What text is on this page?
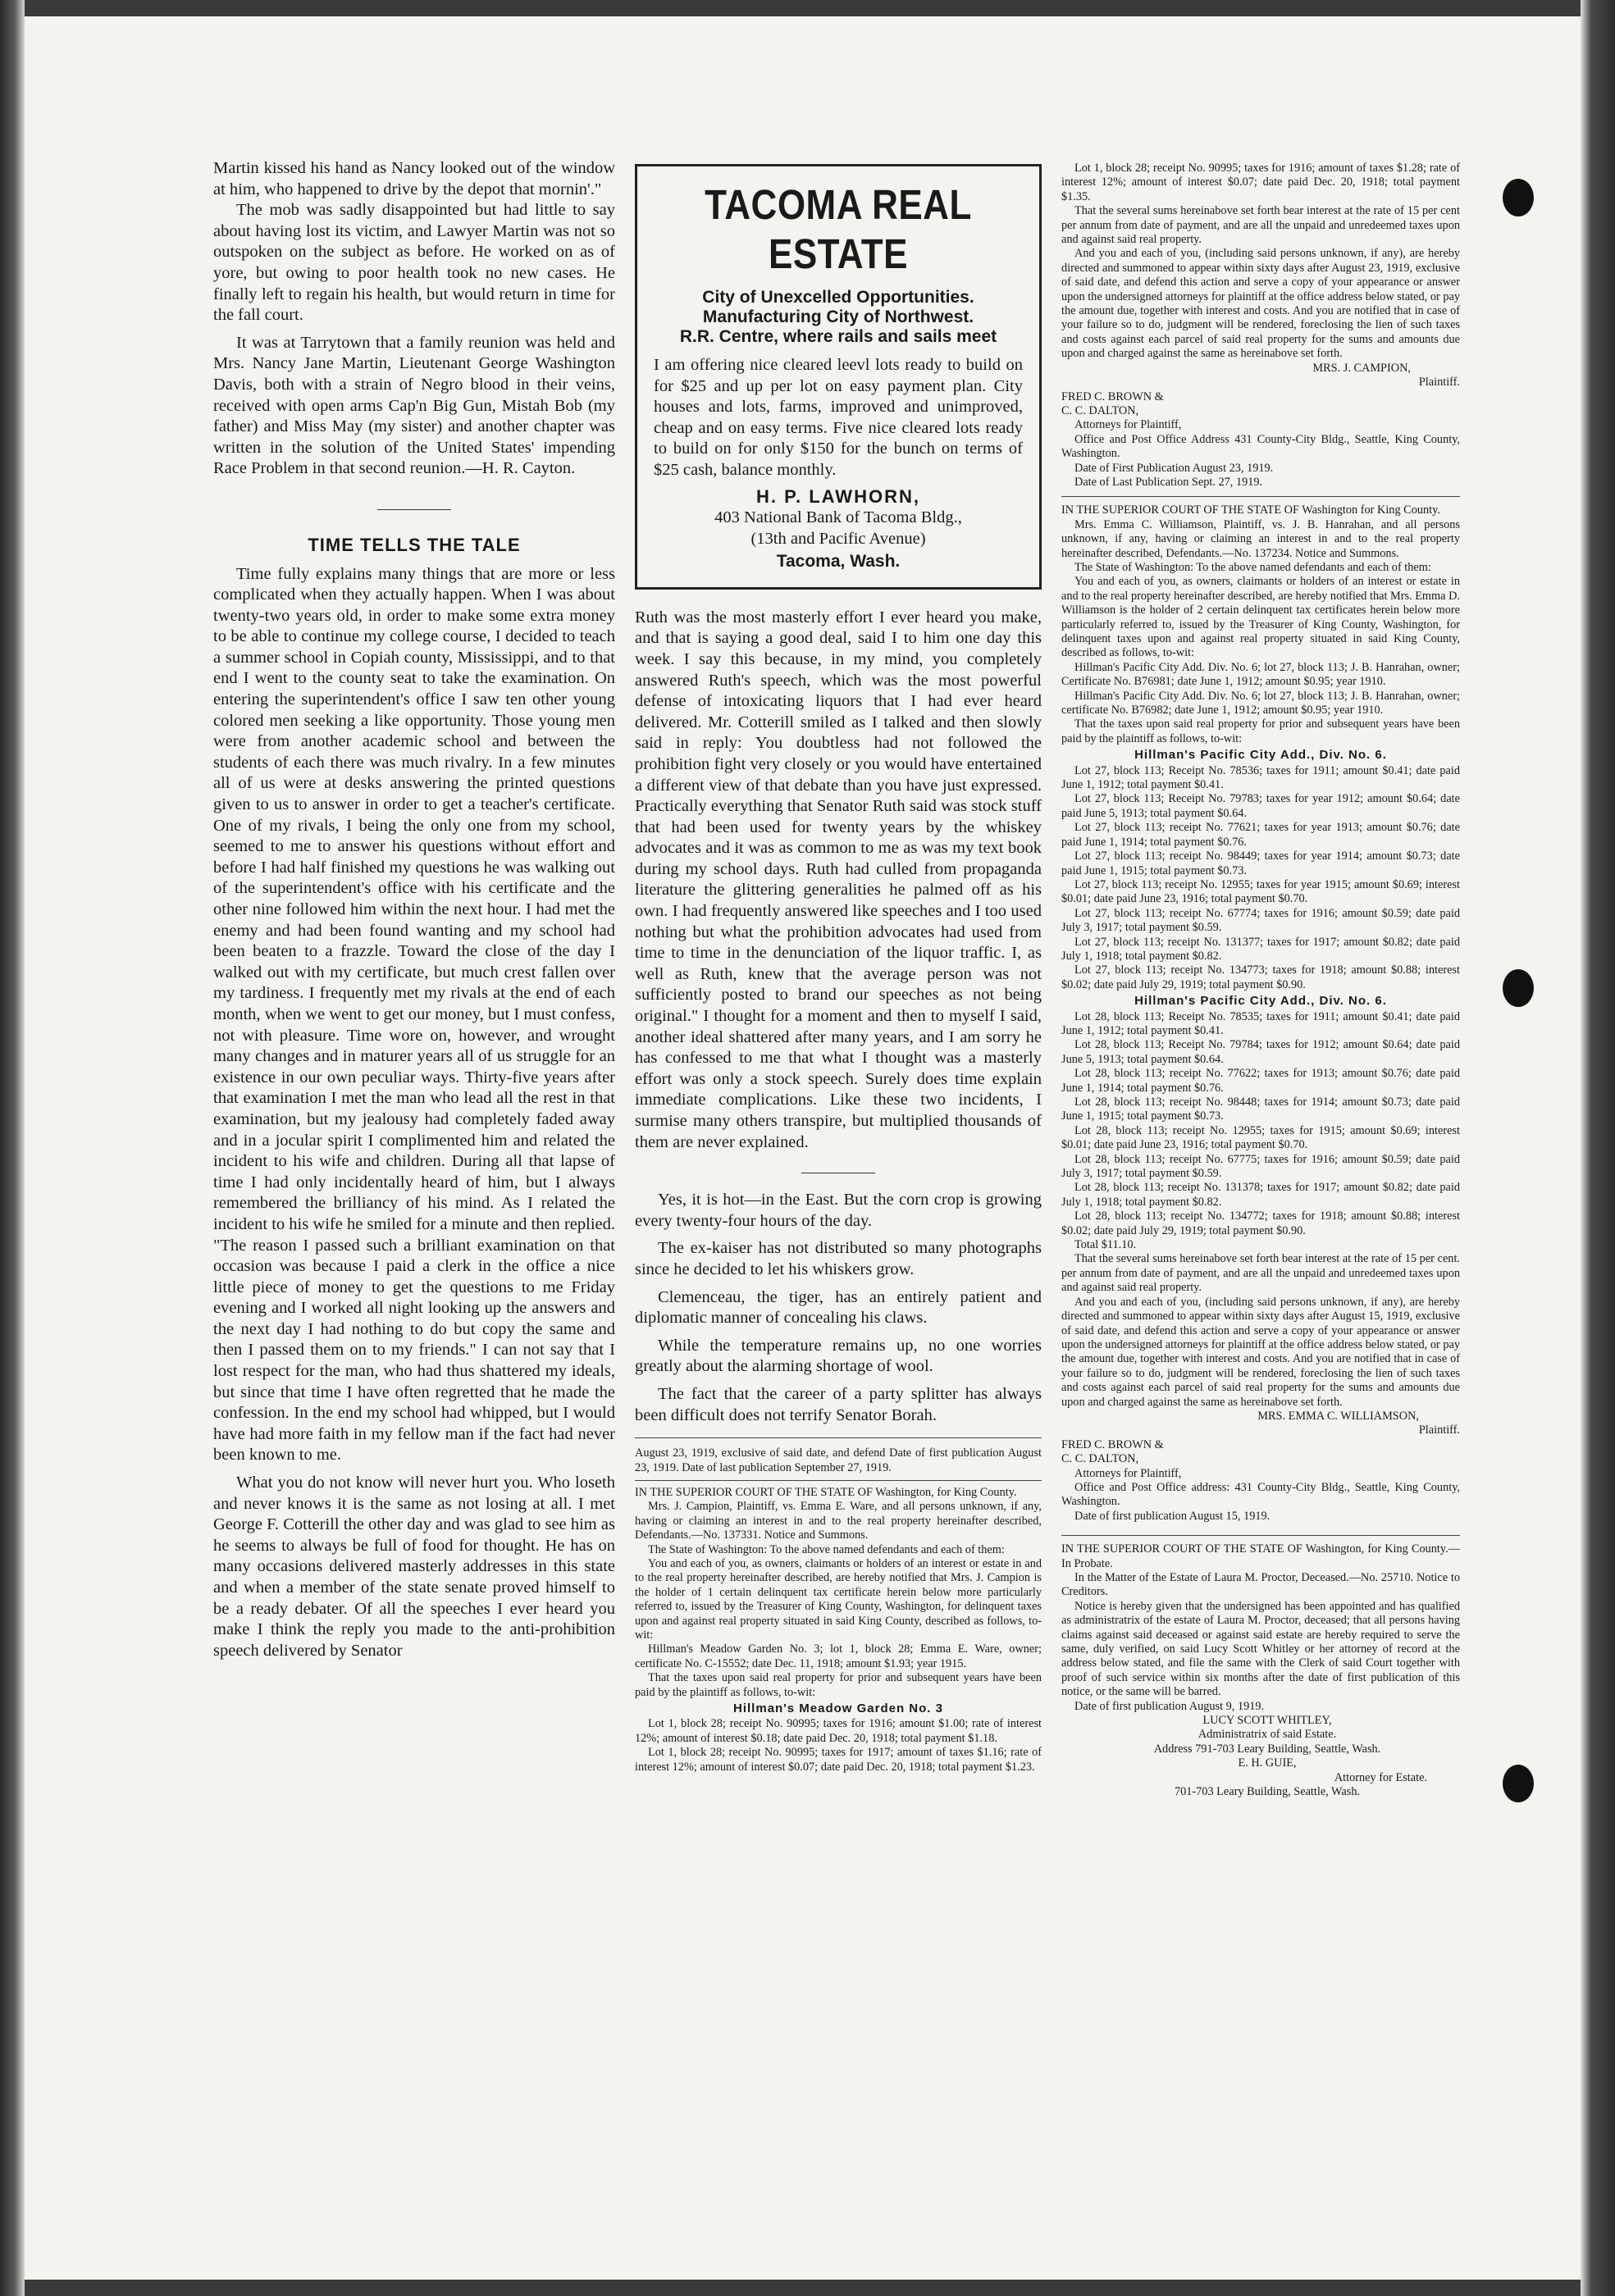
Martin kissed his hand as Nancy looked out of the window at him, who happened to drive by the depot that mornin'."

The mob was sadly disappointed but had little to say about having lost its victim, and Lawyer Martin was not so outspoken on the subject as before. He worked on as of yore, but owing to poor health took no new cases. He finally left to regain his health, but would return in time for the fall court.

It was at Tarrytown that a family reunion was held and Mrs. Nancy Jane Martin, Lieutenant George Washington Davis, both with a strain of Negro blood in their veins, received with open arms Cap'n Big Gun, Mistah Bob (my father) and Miss May (my sister) and another chapter was written in the solution of the United States' impending Race Problem in that second reunion.—H. R. Cayton.

TIME TELLS THE TALE

Time fully explains many things that are more or less complicated when they actually happen. When I was about twenty-two years old, in order to make some extra money to be able to continue my college course, I decided to teach a summer school in Copiah county, Mississippi, and to that end I went to the county seat to take the examination. On entering the superintendent's office I saw ten other young colored men seeking a like opportunity. Those young men were from another academic school and between the students of each there was much rivalry. In a few minutes all of us were at desks answering the printed questions given to us to answer in order to get a teacher's certificate. One of my rivals, I being the only one from my school, seemed to me to answer his questions without effort and before I had half finished my questions he was walking out of the superintendent's office with his certificate and the other nine followed him within the next hour. I had met the enemy and had been found wanting and my school had been beaten to a frazzle. Toward the close of the day I walked out with my certificate, but much crest fallen over my tardiness. I frequently met my rivals at the end of each month, when we went to get our money, but I must confess, not with pleasure. Time wore on, however, and wrought many changes and in maturer years all of us struggle for an existence in our own peculiar ways. Thirty-five years after that examination I met the man who lead all the rest in that examination, but my jealousy had completely faded away and in a jocular spirit I complimented him and related the incident to his wife and children. During all that lapse of time I had only incidentally heard of him, but I always remembered the brilliancy of his mind. As I related the incident to his wife he smiled for a minute and then replied. "The reason I passed such a brilliant examination on that occasion was because I paid a clerk in the office a nice little piece of money to get the questions to me Friday evening and I worked all night looking up the answers and the next day I had nothing to do but copy the same and then I passed them on to my friends." I can not say that I lost respect for the man, who had thus shattered my ideals, but since that time I have often regretted that he made the confession. In the end my school had whipped, but I would have had more faith in my fellow man if the fact had never been known to me.

What you do not know will never hurt you. Who loseth and never knows it is the same as not losing at all. I met George F. Cotterill the other day and was glad to see him as he seems to always be full of food for thought. He has on many occasions delivered masterly addresses in this state and when a member of the state senate proved himself to be a ready debater. Of all the speeches I ever heard you make I think the reply you made to the anti-prohibition speech delivered by Senator

TACOMA REAL ESTATE
City of Unexcelled Opportunities.
Manufacturing City of Northwest.
R.R. Centre, where rails and sails meet
I am offering nice cleared leevl lots ready to build on for $25 and up per lot on easy payment plan. City houses and lots, farms, improved and unimproved, cheap and on easy terms. Five nice cleared lots ready to build on for only $150 for the bunch on terms of $25 cash, balance monthly.
H. P. LAWHORN,
403 National Bank of Tacoma Bldg.,
(13th and Pacific Avenue)
Tacoma, Wash.

Ruth was the most masterly effort I ever heard you make, and that is saying a good deal, said I to him one day this week. I say this because, in my mind, you completely answered Ruth's speech, which was the most powerful defense of intoxicating liquors that I had ever heard delivered. Mr. Cotterill smiled as I talked and then slowly said in reply: You doubtless had not followed the prohibition fight very closely or you would have entertained a different view of that debate than you have just expressed. Practically everything that Senator Ruth said was stock stuff that had been used for twenty years by the whiskey advocates and it was as common to me as was my text book during my school days. Ruth had culled from propaganda literature the glittering generalities he palmed off as his own. I had frequently answered like speeches and I too used nothing but what the prohibition advocates had used from time to time in the denunciation of the liquor traffic. I, as well as Ruth, knew that the average person was not sufficiently posted to brand our speeches as not being original." I thought for a moment and then to myself I said, another ideal shattered after many years, and I am sorry he has confessed to me that what I thought was a masterly effort was only a stock speech. Surely does time explain immediate complications. Like these two incidents, I surmise many others transpire, but multiplied thousands of them are never explained.

Yes, it is hot—in the East. But the corn crop is growing every twenty-four hours of the day.

The ex-kaiser has not distributed so many photographs since he decided to let his whiskers grow.

Clemenceau, the tiger, has an entirely patient and diplomatic manner of concealing his claws.

While the temperature remains up, no one worries greatly about the alarming shortage of wool.

The fact that the career of a party splitter has always been difficult does not terrify Senator Borah.

August 23, 1919, exclusive of said date, and defend Date of first publication August 23, 1919. Date of last publication September 27, 1919.

IN THE SUPERIOR COURT OF THE STATE OF Washington, for King County.

Mrs. J. Campion, Plaintiff, vs. Emma E. Ware, and all persons unknown, if any, having or claiming an interest in and to the real property hereinafter described, Defendants.—No. 137331. Notice and Summons.

The State of Washington: To the above named defendants and each of them:

You and each of you, as owners, claimants or holders of an interest or estate in and to the real property hereinafter described, are hereby notified that Mrs. J. Campion is the holder of 1 certain delinquent tax certificate herein below more particularly referred to, issued by the Treasurer of King County, Washington, for delinquent taxes upon and against real property situated in said King County, described as follows, to-wit:

Hillman's Meadow Garden No. 3; lot 1, block 28; Emma E. Ware, owner; certificate No. C-15552; date Dec. 11, 1918; amount $1.93; year 1915.

That the taxes upon said real property for prior and subsequent years have been paid by the plaintiff as follows, to-wit:

Hillman's Meadow Garden No. 3

Lot 1, block 28; receipt No. 90995; taxes for 1916; amount $1.00; rate of interest 12%; amount of interest $0.18; date paid Dec. 20, 1918; total payment $1.18.

Lot 1, block 28; receipt No. 90995; taxes for 1917; amount of taxes $1.16; rate of interest 12%; amount of interest $0.07; date paid Dec. 20, 1918; total payment $1.23.

Lot 1, block 28; receipt No. 90995; taxes for 1916; amount of taxes $1.28; rate of interest 12%; amount of interest $0.07; date paid Dec. 20, 1918; total payment $1.35.

That the several sums hereinabove set forth bear interest at the rate of 15 per cent per annum from date of payment, and are all the unpaid and unredeemed taxes upon and against said real property.

And you and each of you, (including said persons unknown, if any), are hereby directed and summoned to appear within sixty days after August 23, 1919, exclusive of said date, and defend this action and serve a copy of your appearance or answer upon the undersigned attorneys for plaintiff at the office address below stated, or pay the amount due, together with interest and costs. And you are notified that in case of your failure so to do, judgment will be rendered, foreclosing the lien of such taxes and costs against each parcel of said real property for the sums and amounts due upon and charged against the same as hereinabove set forth.

MRS. J. CAMPION,

Plaintiff.

FRED C. BROWN &

C. C. DALTON,

Attorneys for Plaintiff,

Office and Post Office Address 431 County-City Bldg., Seattle, King County, Washington.

Date of First Publication August 23, 1919.

Date of Last Publication Sept. 27, 1919.

IN THE SUPERIOR COURT OF THE STATE OF Washington for King County.

Mrs. Emma C. Williamson, Plaintiff, vs. J. B. Hanrahan, and all persons unknown, if any, having or claiming an interest in and to the real property hereinafter described, Defendants.—No. 137234. Notice and Summons.

The State of Washington: To the above named defendants and each of them:

You and each of you, as owners, claimants or holders of an interest or estate in and to the real property hereinafter described, are hereby notified that Mrs. Emma D. Williamson is the holder of 2 certain delinquent tax certificates herein below more particularly referred to, issued by the Treasurer of King County, Washington, for delinquent taxes upon and against real property situated in said King County, described as follows, to-wit:

Hillman's Pacific City Add. Div. No. 6; lot 27, block 113; J. B. Hanrahan, owner; Certificate No. B76981; date June 1, 1912; amount $0.95; year 1910.

Hillman's Pacific City Add. Div. No. 6; lot 27, block 113; J. B. Hanrahan, owner; certificate No. B76982; date June 1, 1912; amount $0.95; year 1910.

That the taxes upon said real property for prior and subsequent years have been paid by the plaintiff as follows, to-wit:

Hillman's Pacific City Add., Div. No. 6.

Lot 27, block 113; Receipt No. 78536; taxes for 1911; amount $0.41; date paid June 1, 1912; total payment $0.41.

Lot 27, block 113; Receipt No. 79783; taxes for year 1912; amount $0.64; date paid June 5, 1913; total payment $0.64.

Lot 27, block 113; receipt No. 77621; taxes for year 1913; amount $0.76; date paid June 1, 1914; total payment $0.76.

Lot 27, block 113; receipt No. 98449; taxes for year 1914; amount $0.73; date paid June 1, 1915; total payment $0.73.

Lot 27, block 113; receipt No. 12955; taxes for year 1915; amount $0.69; interest $0.01; date paid June 23, 1916; total payment $0.70.

Lot 27, block 113; receipt No. 67774; taxes for 1916; amount $0.59; date paid July 3, 1917; total payment $0.59.

Lot 27, block 113; receipt No. 131377; taxes for 1917; amount $0.82; date paid July 1, 1918; total payment $0.82.

Lot 27, block 113; receipt No. 134773; taxes for 1918; amount $0.88; interest $0.02; date paid July 29, 1919; total payment $0.90.

Hillman's Pacific City Add., Div. No. 6.

Lot 28, block 113; Receipt No. 78535; taxes for 1911; amount $0.41; date paid June 1, 1912; total payment $0.41.

Lot 28, block 113; Receipt No. 79784; taxes for 1912; amount $0.64; date paid June 5, 1913; total payment $0.64.

Lot 28, block 113; receipt No. 77622; taxes for 1913; amount $0.76; date paid June 1, 1914; total payment $0.76.

Lot 28, block 113; receipt No. 98448; taxes for 1914; amount $0.73; date paid June 1, 1915; total payment $0.73.

Lot 28, block 113; receipt No. 12955; taxes for 1915; amount $0.69; interest $0.01; date paid June 23, 1916; total payment $0.70.

Lot 28, block 113; receipt No. 67775; taxes for 1916; amount $0.59; date paid July 3, 1917; total payment $0.59.

Lot 28, block 113; receipt No. 131378; taxes for 1917; amount $0.82; date paid July 1, 1918; total payment $0.82.

Lot 28, block 113; receipt No. 134772; taxes for 1918; amount $0.88; interest $0.02; date paid July 29, 1919; total payment $0.90.

Total $11.10.

That the several sums hereinabove set forth bear interest at the rate of 15 per cent. per annum from date of payment, and are all the unpaid and unredeemed taxes upon and against said real property.

And you and each of you, (including said persons unknown, if any), are hereby directed and summoned to appear within sixty days after August 15, 1919, exclusive of said date, and defend this action and serve a copy of your appearance or answer upon the undersigned attorneys for plaintiff at the office address below stated, or pay the amount due, together with interest and costs. And you are notified that in case of your failure so to do, judgment will be rendered, foreclosing the lien of such taxes and costs against each parcel of said real property for the sums and amounts due upon and charged against the same as hereinabove set forth.

MRS. EMMA C. WILLIAMSON,

Plaintiff.

FRED C. BROWN &

C. C. DALTON,

Attorneys for Plaintiff,

Office and Post Office address: 431 County-City Bldg., Seattle, King County, Washington.

Date of first publication August 15, 1919.

IN THE SUPERIOR COURT OF THE STATE OF Washington, for King County.—In Probate.

In the Matter of the Estate of Laura M. Proctor, Deceased.—No. 25710. Notice to Creditors.

Notice is hereby given that the undersigned has been appointed and has qualified as administratrix of the estate of Laura M. Proctor, deceased; that all persons having claims against said deceased or against said estate are hereby required to serve the same, duly verified, on said Lucy Scott Whitley or her attorney of record at the address below stated, and file the same with the Clerk of said Court together with proof of such service within six months after the date of first publication of this notice, or the same will be barred.

Date of first publication August 9, 1919.

LUCY SCOTT WHITLEY,

Administratrix of said Estate.

Address 791-703 Leary Building, Seattle, Wash.

E. H. GUIE,

Attorney for Estate.

701-703 Leary Building, Seattle, Wash.
